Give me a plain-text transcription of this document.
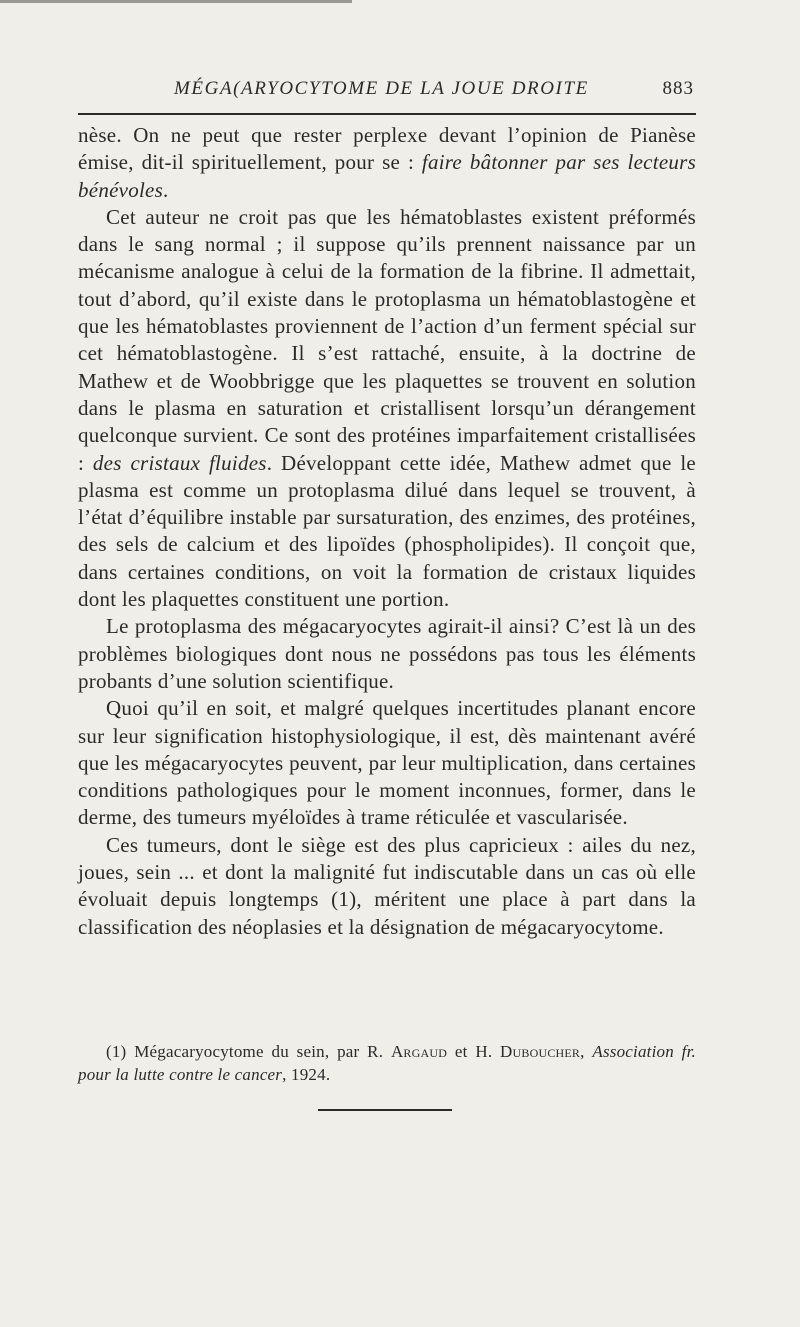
MÉGA(ARYOCYTOME DE LA JOUE DROITE	883

nèse. On ne peut que rester perplexe devant l’opinion de Pianèse émise, dit-il spirituellement, pour se : faire bâtonner par ses lecteurs bénévoles.

Cet auteur ne croit pas que les hématoblastes existent préformés dans le sang normal ; il suppose qu’ils prennent naissance par un mécanisme analogue à celui de la formation de la fibrine. Il admettait, tout d’abord, qu’il existe dans le protoplasma un hématoblastogène et que les hématoblastes proviennent de l’action d’un ferment spécial sur cet hématoblastogène. Il s’est rattaché, ensuite, à la doctrine de Mathew et de Woobbrigge que les plaquettes se trouvent en solution dans le plasma en saturation et cristallisent lorsqu’un dérangement quelconque survient. Ce sont des protéines imparfaitement cristallisées : des cristaux fluides. Développant cette idée, Mathew admet que le plasma est comme un protoplasma dilué dans lequel se trouvent, à l’état d’équilibre instable par sursaturation, des enzimes, des protéines, des sels de calcium et des lipoïdes (phospholipides). Il conçoit que, dans certaines conditions, on voit la formation de cristaux liquides dont les plaquettes constituent une portion.

Le protoplasma des mégacaryocytes agirait-il ainsi? C’est là un des problèmes biologiques dont nous ne possédons pas tous les éléments probants d’une solution scientifique.

Quoi qu’il en soit, et malgré quelques incertitudes planant encore sur leur signification histophysiologique, il est, dès maintenant avéré que les mégacaryocytes peuvent, par leur multiplication, dans certaines conditions pathologiques pour le moment inconnues, former, dans le derme, des tumeurs myéloïdes à trame réticulée et vascularisée.

Ces tumeurs, dont le siège est des plus capricieux : ailes du nez, joues, sein ... et dont la malignité fut indiscutable dans un cas où elle évoluait depuis longtemps (1), méritent une place à part dans la classification des néoplasies et la désignation de mégacaryocytome.

(1) Mégacaryocytome du sein, par R. Argaud et H. Duboucher, Association fr. pour la lutte contre le cancer, 1924.
